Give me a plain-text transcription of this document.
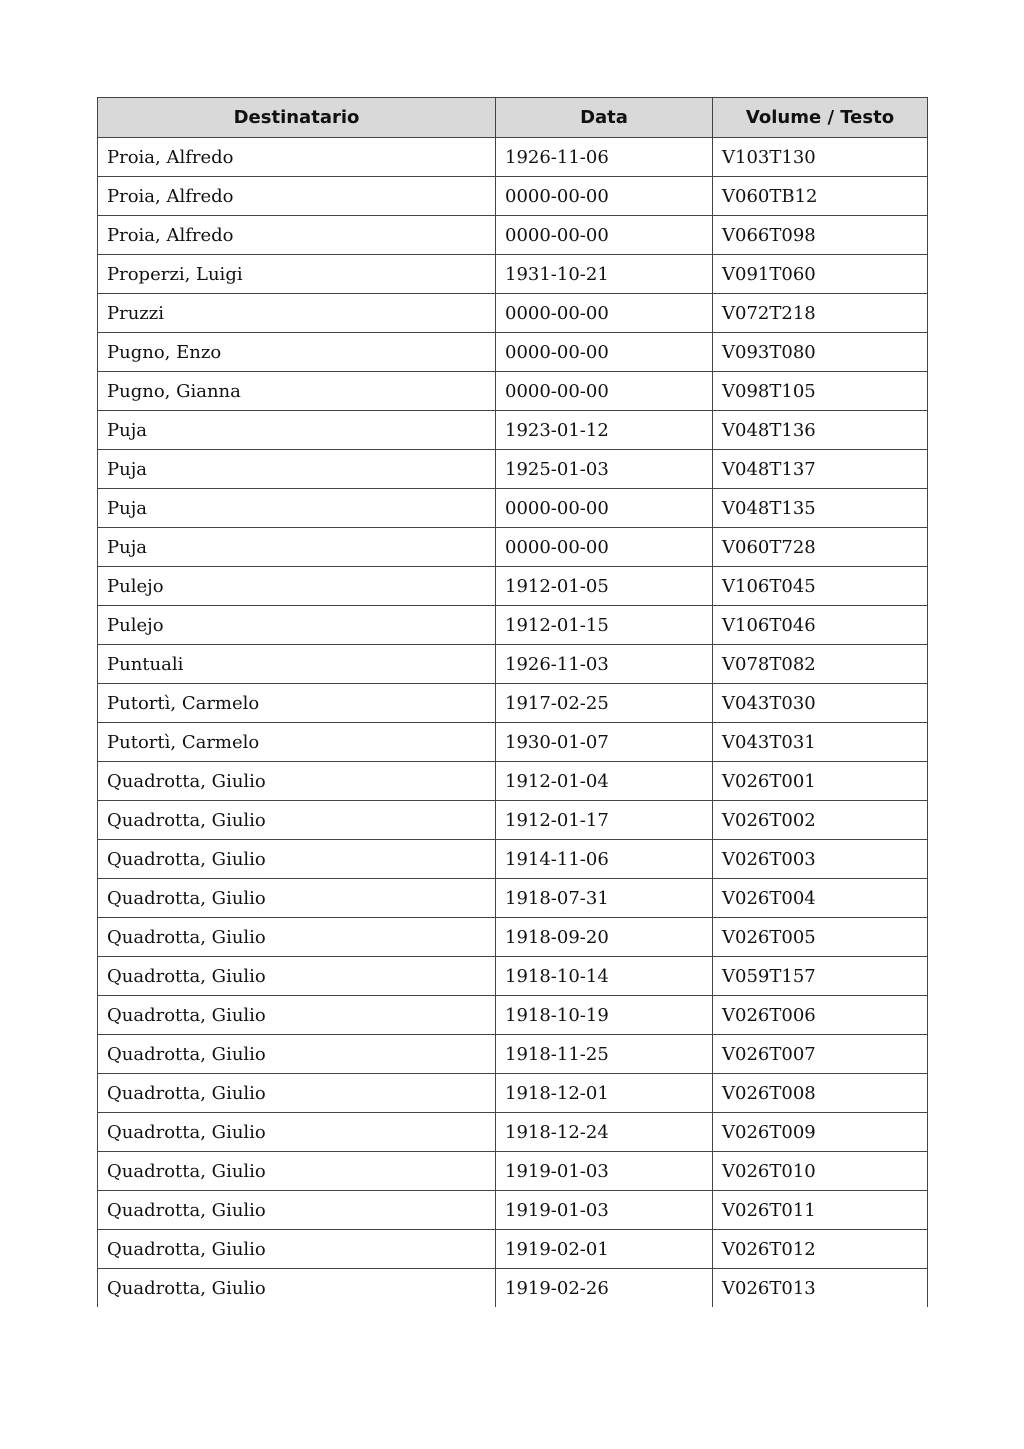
Destinatario	Data	Volume / Testo
Proia, Alfredo	1926-11-06	V103T130
Proia, Alfredo	0000-00-00	V060TB12
Proia, Alfredo	0000-00-00	V066T098
Properzi, Luigi	1931-10-21	V091T060
Pruzzi	0000-00-00	V072T218
Pugno, Enzo	0000-00-00	V093T080
Pugno, Gianna	0000-00-00	V098T105
Puja	1923-01-12	V048T136
Puja	1925-01-03	V048T137
Puja	0000-00-00	V048T135
Puja	0000-00-00	V060T728
Pulejo	1912-01-05	V106T045
Pulejo	1912-01-15	V106T046
Puntuali	1926-11-03	V078T082
Putortì, Carmelo	1917-02-25	V043T030
Putortì, Carmelo	1930-01-07	V043T031
Quadrotta, Giulio	1912-01-04	V026T001
Quadrotta, Giulio	1912-01-17	V026T002
Quadrotta, Giulio	1914-11-06	V026T003
Quadrotta, Giulio	1918-07-31	V026T004
Quadrotta, Giulio	1918-09-20	V026T005
Quadrotta, Giulio	1918-10-14	V059T157
Quadrotta, Giulio	1918-10-19	V026T006
Quadrotta, Giulio	1918-11-25	V026T007
Quadrotta, Giulio	1918-12-01	V026T008
Quadrotta, Giulio	1918-12-24	V026T009
Quadrotta, Giulio	1919-01-03	V026T010
Quadrotta, Giulio	1919-01-03	V026T011
Quadrotta, Giulio	1919-02-01	V026T012
Quadrotta, Giulio	1919-02-26	V026T013
